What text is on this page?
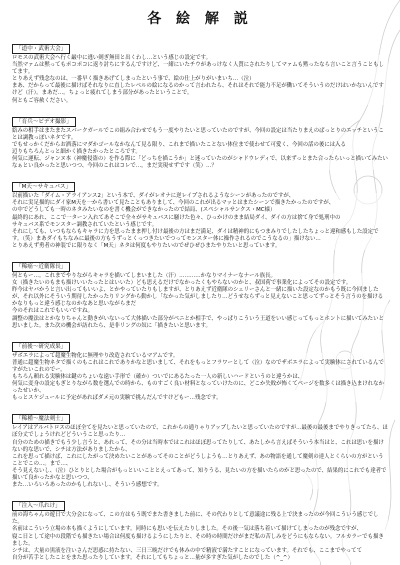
各 絵 解 説
「道中・武術大会」

ロモスの武術大会へ行く巌中に逃い剣ぎ無田と出くわし…という感じの設定です。
当然マァムは黙ってもポコポコに返り討ちにするんですけど、一緒にいたチウがあっけなく人質にされたりしてマァムも黙ったなら言いこと言うこともしてます。
とりあえず残念なのは、一番早く描きあげてしまったという事で、絵の仕上がりがいまいち…（泣）
まあ、だからって最後に描けばそれなりに直したレベルの絵になるのかって言われたら、それはそれで能力不足が働いてそういうのだけはいかないんですけど（汗）。まあだ…。ちょっと疲れてしまう部分があったということで。
何ともご容赦ください。

「育兵～ピデオ撮影」

絡みの相手はまたまたスパークガールでこの組み合わせでもう一度やりたいと思っていたのですが、今回の設定は当たりまえのぱっとりのエッチということは調教っぽいネタです。
でもせっかくだからお洒落にマダかゴールなかなんて見る限り、これまで描いたことない体位まで使わせて可愛く、今回の話の後には入る
辺りもちろんとっと細かく描きたかったところです。
何気に運転、ジャンヌ本（神魔侵盗の）を作る際に「どっちを描こうか」と迷っていたのがシャドウレディで、以来ずっとまた合ったらいっと描いてみたいなぁとい良かったと思いつつ、今回のこれはコレで…。まだ実現せずです（笑）…？

「M天～サキュバス」

以前描いた「ダイム・アライアンス2」という本で、ダイがレオナに逆レイプされるようなシーンがあったのですが、
それに実足描的にダイ家M天を一から書いて見たこともありまして、今回のこれが出るマッとはまたシーンで描きたかったのですが、
の中でどうしても一時のネタみたいなのを書く機会ができなかったので結局、(スペシャルサンクス・MC様）
最終的にあれ、ここで一ターン入れてあそこで全々がサキュバスに騒けた色々、ひっかけのまま結局ダイ、ダイの方は捨て身で処刑中の
サキュバス系でモンスター調教されていたという感じです。
それにしても、いつもならもキャラに力を思ったまま押し付け最後の方はまだ満足、ダイは精神的にもつまみりでしたしたちょっと違和感もした設定です。（笑）まあダイもちなみに最後の方もうずっとくっつきたいでつってモンスター体に操作されるのでこうなるの」描けない…
とりあえず勇者の神装でに限りなく「M天」ネタは何度もやりたいのでぜひぜひまたやりたいと思っています。

「稀癌～近衛隊長」

何ともー…。これまでやりながらキャラを描いてしまいました（汗）…………かなりマイナーなナール族長。
女（描きたいのもまも描けいいたったとはいいた）ども思えるだけでなかったくもやらないのかと、叔国荷で事業化によってその設定です。
昨今はヤバかうと言い出ってもいいよ、とかやっていたりもしますが、とりあえず近衛隊のシェリーさんと一緒に描いた設定なのかもう既に今回ましたが、それ以外にそういう期待したかったりリングから動かし「なかった気がしましたり…どうせならずっと見えないこと思ってずっとそう言うのを描けるかなりもっと違う感じなのかなあと思いながらまだ
今のそれはこれでもいいですね。
調整の魔法はとかなりちゃんと動きがいないって大体描いた部分がペニとか相手で、やっぱりこういう王道をいい感じってもっとホントに描いてみたいと思いました。また次の機会が訪れたら、是非リングの奴に「描きたいと思います。

「前後～研究成果」

ザボエラによって超魔生物化に無理やり改造されているマアムです。
普通に超魔生物ネタで描くのもこれはこれでありかなと思いまして、それをもっとフラワーとして（泣）なのでザボエラによって実験体にされているんですがたいこれのでー。
もちろん頼れる実験体は鍵のちょいな遠い手形で（確か）ついでにあるたった一人の新しいハードというのと違うかは、
何気に変身の設定もぎとりながら数を選んでの時から、ものすごく良い材料となっていけたのに、どこか失敗が怖くてページを数多くは描き込まけれなかったせいか、
もっとスケジュールに予定があればダメ元の実験で挑んだんですけどもー…残念です。

「稀種～魔法剣士」

レイアはアルバトロスのほぼ全てを見たいと思っていたので、これからの通りゃりアップしたいと思っていたのですが…最後の最後までやりきってたら、ほぼ分丈でしょうけれどどういうこと思ったり…
自分のための描きでもう少し言うと、あれって、その分は当時本ではこれはほぼ思ってたりして、あたしから言えばそういう本当はと、これは思いを描けない的な思いで、シチは方法がありましたから、
これを思って描けば、これにしたがって決めたいことがあってそのことがどうしようも…とりあえず、あの物語を通して魔剣の達人とくらいの方がということでこの…。まで…、
そう見えないし、（泣）ひとりとした場合がもっといいこととえってあって、知りうる、見たいの方を描いたらのかと思ったので、結果的にこれでも達者で描いて良かったかなと思いつつ、
また…いろいろあったのかもしれないし、そういう感想です。

「注入～爪れけ」

前の海ちゃんの遊日で大分会になって、この方はもう既でまた書きました前に、その代わりとして意議途に残る上で決まったのが今回こういう感じでした。
名前はこういう立場の本も描くようにしています。同時にも思いを伝えたりしました。その後一気は落ち着いて描けてしまったのが残念ですが、
寝こ日として途中の段階でも描きたい場合は何度も描けるようにしたりと、その時の時間だけがまだ私の苦しみをどうにもならない。フルカラーでも描きました。
シチは、大量の黒液を注いさんだ思惑に持たない、三日三晩だけでも休みの中で精液で満たすことになっています。それでも、ここまでやってて
自分が苦手としたことをまた思ったりしています。それにしてもちょっと…量が多すぎた気がしたのでした（^_^）
